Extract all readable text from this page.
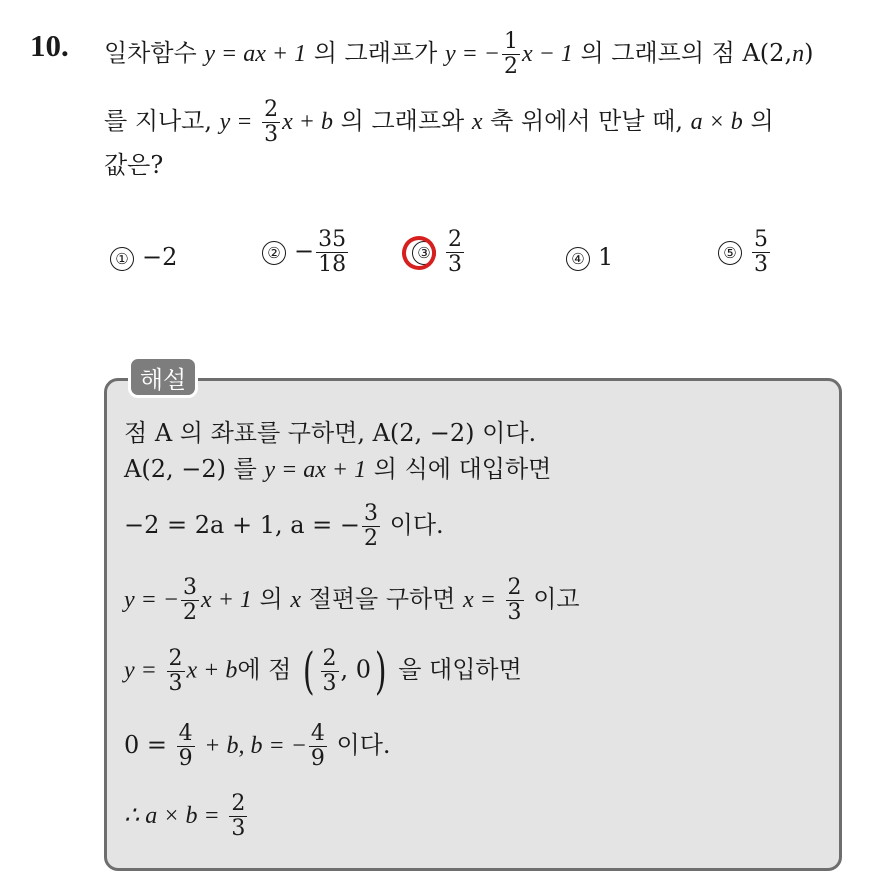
10. 일차함수 y = ax + 1 의 그래프가 y = − $\frac{1}{2}$ x − 1 의 그래프의 점 A(2,n)
를 지나고, $y = \frac{2}{3}$ x + b 의 그래프와 x 축 위에서 만날 때, a × b 의
값은?
① −2	② − $\frac{35}{18}$	③ $\frac{2}{3}$	④ 1	⑤ $\frac{5}{3}$
해설
점 A 의 좌표를 구하면, A(2, −2) 이다.
A(2, −2) 를 y = ax + 1 의 식에 대입하면
−2 = 2a + 1, a = − $\frac{3}{2}$ 이다.
y = − $\frac{3}{2}$ x + 1 의 x 절편을 구하면 $x = \frac{2}{3}$ 이고
$y = \frac{2}{3}$ x + b에 점 ( $\frac{2}{3}$ , 0) 을 대입하면
$0 = \frac{4}{9} + b$, b = − $\frac{4}{9}$ 이다.
∴ $a \times b = \frac{2}{3}$
